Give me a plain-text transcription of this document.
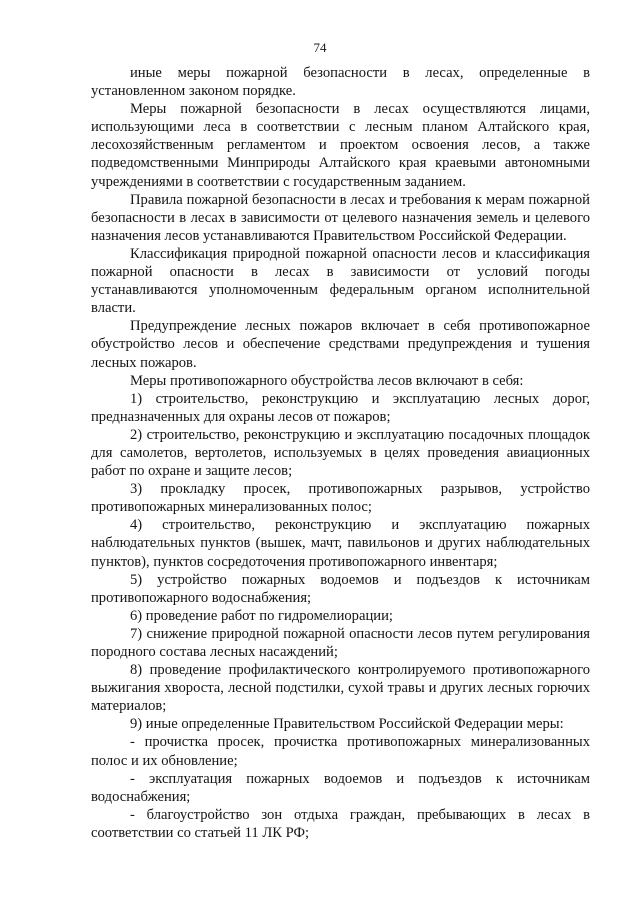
74

иные меры пожарной безопасности в лесах, определенные в установленном законом порядке.

Меры пожарной безопасности в лесах осуществляются лицами, использующими леса в соответствии с лесным планом Алтайского края, лесохозяйственным регламентом и проектом освоения лесов, а также подведомственными Минприроды Алтайского края краевыми автономными учреждениями в соответствии с государственным заданием.

Правила пожарной безопасности в лесах и требования к мерам пожарной безопасности в лесах в зависимости от целевого назначения земель и целевого назначения лесов устанавливаются Правительством Российской Федерации.

Классификация природной пожарной опасности лесов и классификация пожарной опасности в лесах в зависимости от условий погоды устанавливаются уполномоченным федеральным органом исполнительной власти.

Предупреждение лесных пожаров включает в себя противопожарное обустройство лесов и обеспечение средствами предупреждения и тушения лесных пожаров.

Меры противопожарного обустройства лесов включают в себя:

1) строительство, реконструкцию и эксплуатацию лесных дорог, предназначенных для охраны лесов от пожаров;

2) строительство, реконструкцию и эксплуатацию посадочных площадок для самолетов, вертолетов, используемых в целях проведения авиационных работ по охране и защите лесов;

3) прокладку просек, противопожарных разрывов, устройство противопожарных минерализованных полос;

4) строительство, реконструкцию и эксплуатацию пожарных наблюдательных пунктов (вышек, мачт, павильонов и других наблюдательных пунктов), пунктов сосредоточения противопожарного инвентаря;

5) устройство пожарных водоемов и подъездов к источникам противопожарного водоснабжения;

6) проведение работ по гидромелиорации;

7) снижение природной пожарной опасности лесов путем регулирования породного состава лесных насаждений;

8) проведение профилактического контролируемого противопожарного выжигания хвороста, лесной подстилки, сухой травы и других лесных горючих материалов;

9) иные определенные Правительством Российской Федерации меры:

- прочистка просек, прочистка противопожарных минерализованных полос и их обновление;

- эксплуатация пожарных водоемов и подъездов к источникам водоснабжения;

- благоустройство зон отдыха граждан, пребывающих в лесах в соответствии со статьей 11 ЛК РФ;
